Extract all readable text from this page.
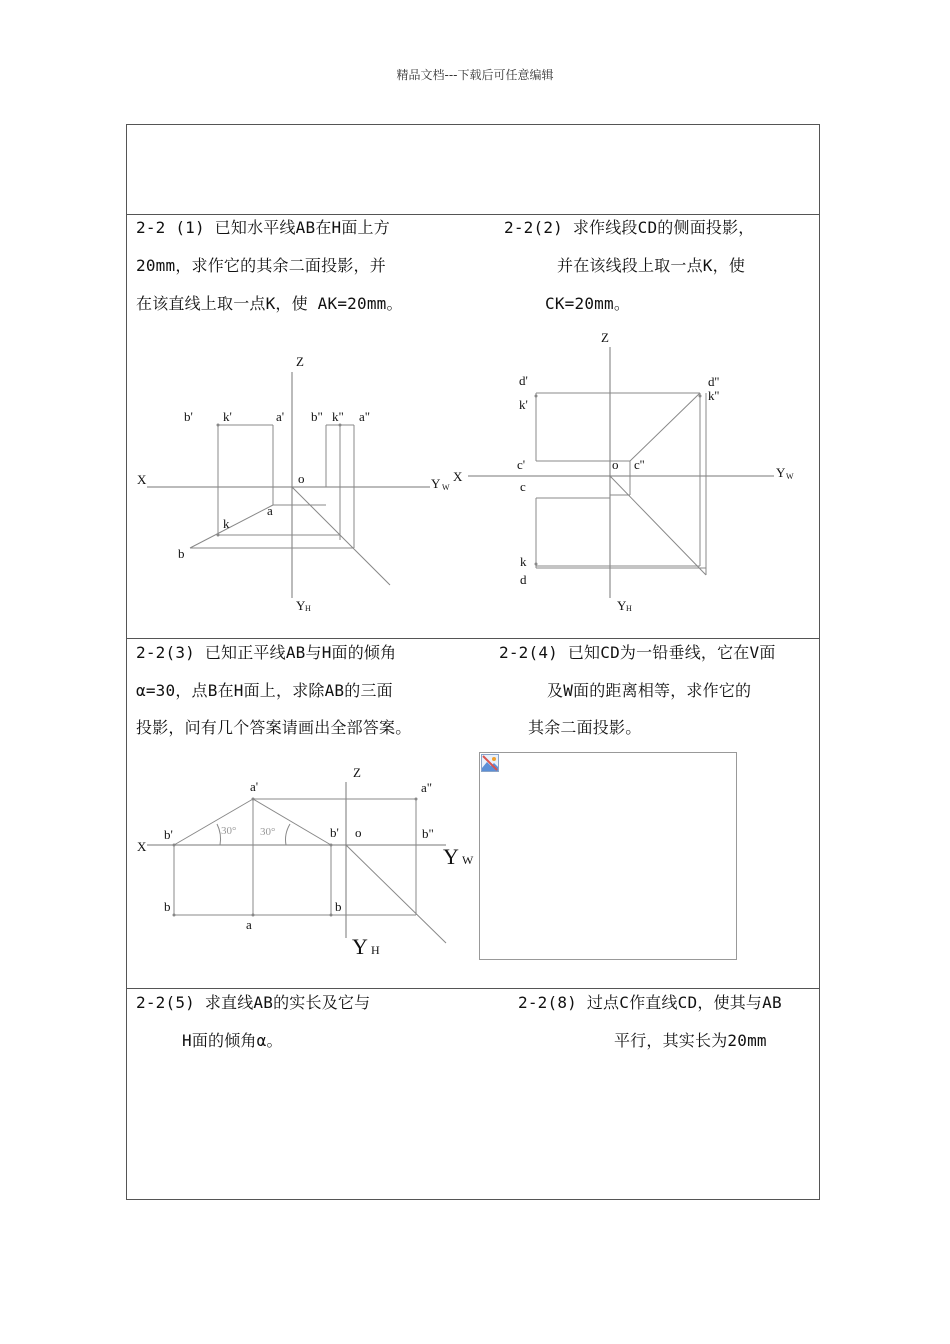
精品文档---下载后可任意编辑
2-2 (1) 已知水平线AB在H面上方
20mm，求作它的其余二面投影，并
在该直线上取一点K，使 AK=20mm。
2-2(2) 求作线段CD的侧面投影，
并在该线段上取一点K，使
CK=20mm。
2-2(3) 已知正平线AB与H面的倾角
α=30，点B在H面上，求除AB的三面
投影，问有几个答案请画出全部答案。
2-2(4) 已知CD为一铅垂线，它在V面
及W面的距离相等，求作它的
其余二面投影。
2-2(5) 求直线AB的实长及它与
H面的倾角α。
2-2(8) 过点C作直线CD，使其与AB
平行，其实长为20mm
Z
X	Y W
Y H
o
b' k'	a' b" k" a"
a
k
b
Z
X	Y W
Y H
o
d'
k'
c'
c
k
d
d''
k''
c''
Z
X	Y W
Y H
o
a'	a"
b'	b'	b"
30° 30°
b	b
a
